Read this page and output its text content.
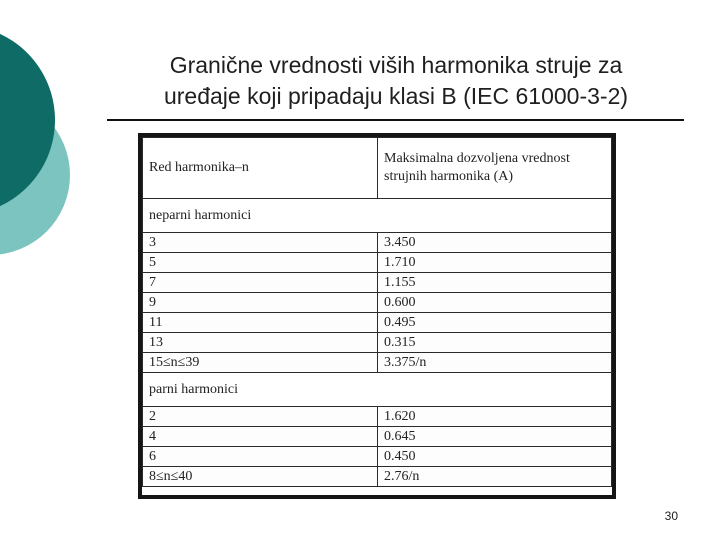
Granične vrednosti viših harmonika struje za
uređaje koji pripadaju klasi B (IEC 61000-3-2)
Red harmonika–n	Maksimalna dozvoljena vrednost
strujnih harmonika (A)

neparni harmonici	
3	3.450
5	1.710
7	1.155
9	0.600
11	0.495
13	0.315
15≤n≤39	3.375/n
parni harmonici	
2	1.620
4	0.645
6	0.450
8≤n≤40	2.76/n
30
